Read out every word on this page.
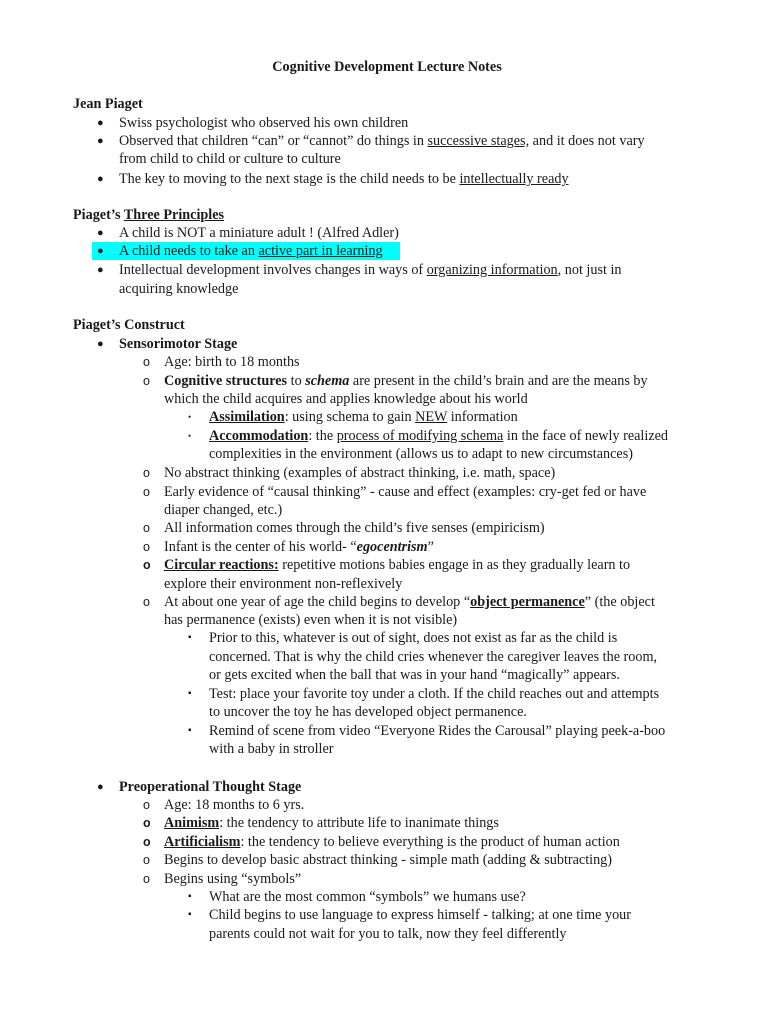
Cognitive Development Lecture Notes
Jean Piaget
● Swiss psychologist who observed his own children
● Observed that children “can” or “cannot” do things in successive stages, and it does not vary
from child to child or culture to culture
● The key to moving to the next stage is the child needs to be intellectually ready
Piaget’s Three Principles
● A child is NOT a miniature adult ! (Alfred Adler)
● A child needs to take an active part in learning
● Intellectual development involves changes in ways of organizing information, not just in
acquiring knowledge
Piaget’s Construct
● Sensorimotor Stage
o Age: birth to 18 months
o Cognitive structures to schema are present in the child’s brain and are the means by
which the child acquires and applies knowledge about his world
• Assimilation: using schema to gain NEW information
• Accommodation: the process of modifying schema in the face of newly realized
complexities in the environment (allows us to adapt to new circumstances)
o No abstract thinking (examples of abstract thinking, i.e. math, space)
o Early evidence of “causal thinking” - cause and effect (examples: cry-get fed or have
diaper changed, etc.)
o All information comes through the child’s five senses (empiricism)
o Infant is the center of his world- “egocentrism”
o Circular reactions: repetitive motions babies engage in as they gradually learn to
explore their environment non-reflexively
o At about one year of age the child begins to develop “object permanence” (the object
has permanence (exists) even when it is not visible)
▪ Prior to this, whatever is out of sight, does not exist as far as the child is
concerned. That is why the child cries whenever the caregiver leaves the room,
or gets excited when the ball that was in your hand “magically” appears.
▪ Test: place your favorite toy under a cloth. If the child reaches out and attempts
to uncover the toy he has developed object permanence.
▪ Remind of scene from video “Everyone Rides the Carousal” playing peek-a-boo
with a baby in stroller
● Preoperational Thought Stage
o Age: 18 months to 6 yrs.
o Animism: the tendency to attribute life to inanimate things
o Artificialism: the tendency to believe everything is the product of human action
o Begins to develop basic abstract thinking - simple math (adding & subtracting)
o Begins using “symbols”
▪ What are the most common “symbols” we humans use?
▪ Child begins to use language to express himself - talking; at one time your
parents could not wait for you to talk, now they feel differently
